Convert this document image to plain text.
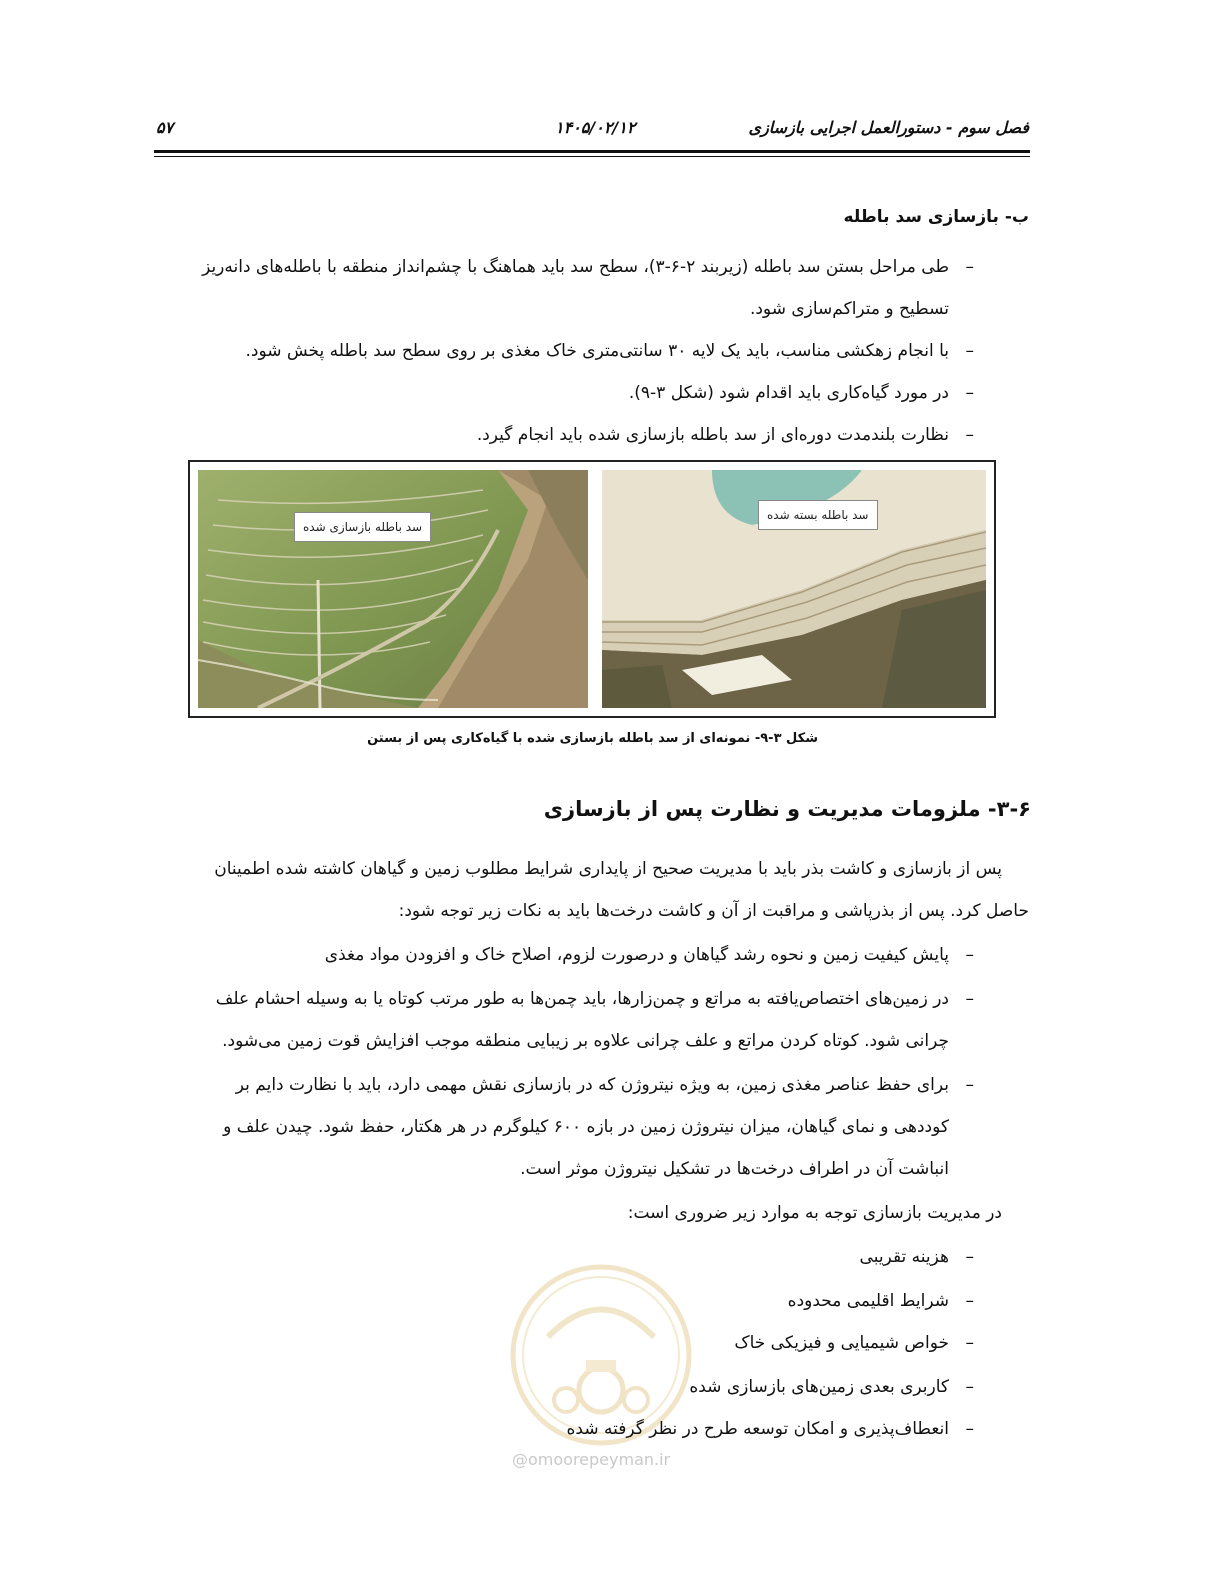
فصل سوم - دستورالعمل اجرایی بازسازی
۱۴۰۵/۰۲/۱۲
۵۷
ب- بازسازی سد باطله
–
طی مراحل بستن سد باطله (زیربند ۲-۶-۳)، سطح سد باید هماهنگ با چشم‌انداز منطقه با باطله‌های دانه‌ریز
تسطیح و متراکم‌سازی شود.
–
با انجام زهکشی مناسب، باید یک لایه ۳۰ سانتی‌متری خاک مغذی بر روی سطح سد باطله پخش شود.
–
در مورد گیاه‌کاری باید اقدام شود (شکل ۳-۹).
–
نظارت بلندمدت دوره‌ای از سد باطله بازسازی شده باید انجام گیرد.
سد باطله بازسازی شده
سد باطله بسته شده
شکل ۳-۹- نمونه‌ای از سد باطله بازسازی شده با گیاه‌کاری پس از بستن
۳-۶- ملزومات مدیریت و نظارت پس از بازسازی
پس از بازسازی و کاشت بذر باید با مدیریت صحیح از پایداری شرایط مطلوب زمین و گیاهان کاشته شده اطمینان
حاصل کرد. پس از بذرپاشی و مراقبت از آن و کاشت درخت‌ها باید به نکات زیر توجه شود:
–
پایش کیفیت زمین و نحوه رشد گیاهان و درصورت لزوم، اصلاح خاک و افزودن مواد مغذی
–
در زمین‌های اختصاص‌یافته به مراتع و چمن‌زارها، باید چمن‌ها به طور مرتب کوتاه یا به وسیله احشام علف
چرانی شود. کوتاه کردن مراتع و علف چرانی علاوه بر زیبایی منطقه موجب افزایش قوت زمین می‌شود.
–
برای حفظ عناصر مغذی زمین، به ویژه نیتروژن که در بازسازی نقش مهمی دارد، باید با نظارت دایم بر
کوددهی و نمای گیاهان، میزان نیتروژن زمین در بازه ۶۰۰ کیلوگرم در هر هکتار، حفظ شود. چیدن علف و
انباشت آن در اطراف درخت‌ها در تشکیل نیتروژن موثر است.
در مدیریت بازسازی توجه به موارد زیر ضروری است:
@omoorepeyman.ir
–
هزینه تقریبی
–
شرایط اقلیمی محدوده
–
خواص شیمیایی و فیزیکی خاک
–
کاربری بعدی زمین‌های بازسازی شده
–
انعطاف‌پذیری و امکان توسعه طرح در نظر گرفته شده
